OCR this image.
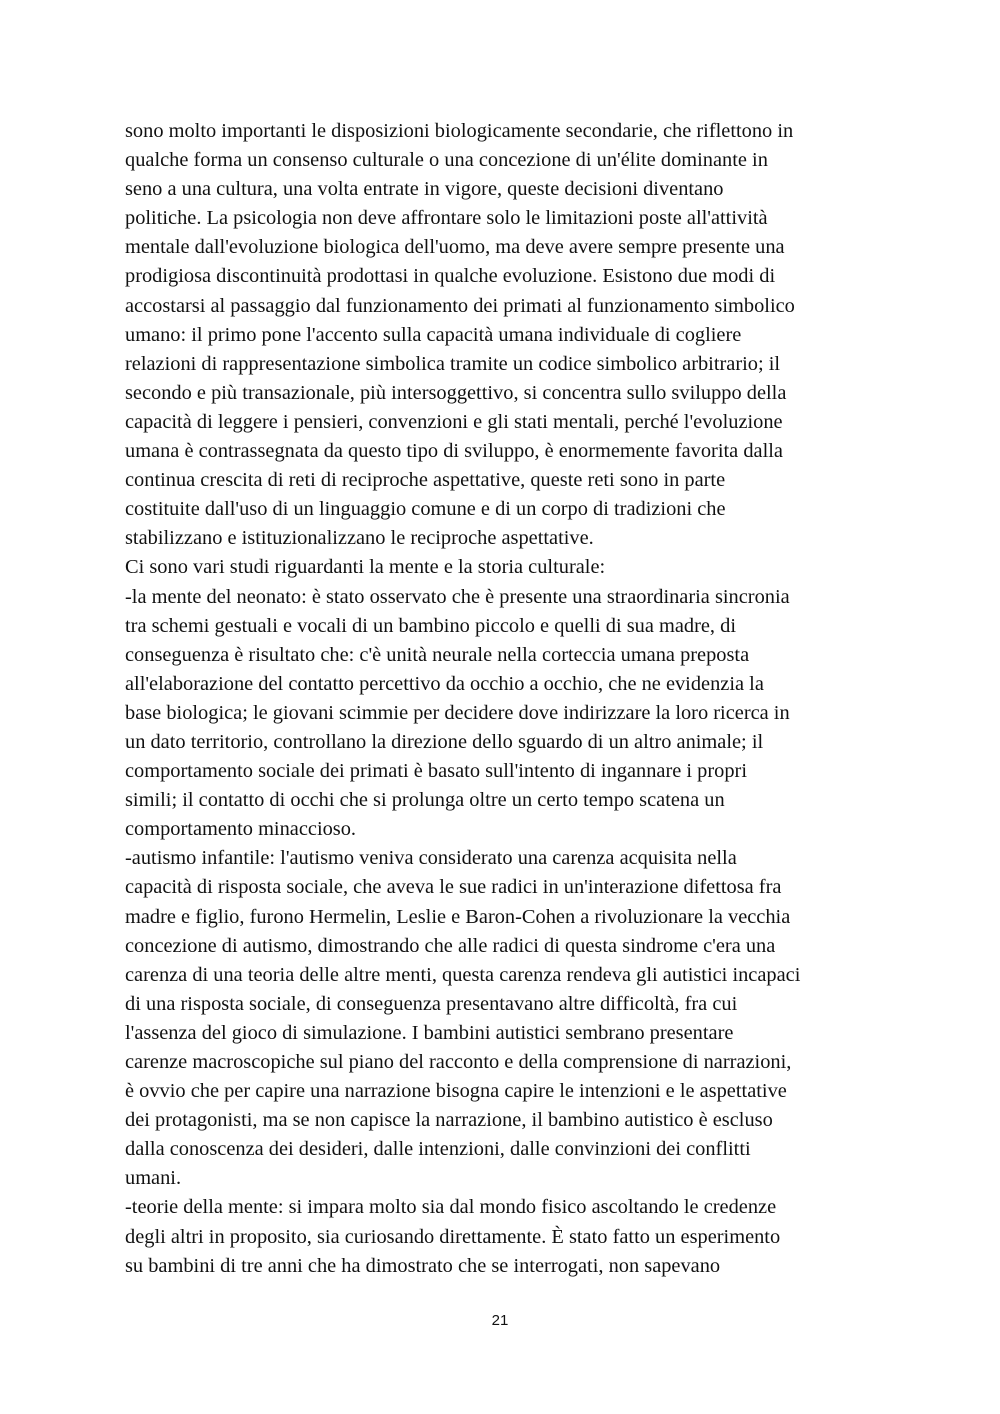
sono molto importanti le disposizioni biologicamente secondarie, che riflettono in
qualche forma un consenso culturale o una concezione di un'élite dominante in
seno a una cultura, una volta entrate in vigore, queste decisioni diventano
politiche. La psicologia non deve affrontare solo le limitazioni poste all'attività
mentale dall'evoluzione biologica dell'uomo, ma deve avere sempre presente una
prodigiosa discontinuità prodottasi in qualche evoluzione. Esistono due modi di
accostarsi al passaggio dal funzionamento dei primati al funzionamento simbolico
umano: il primo pone l'accento sulla capacità umana individuale di cogliere
relazioni di rappresentazione simbolica tramite un codice simbolico arbitrario; il
secondo e più transazionale, più intersoggettivo, si concentra sullo sviluppo della
capacità di leggere i pensieri, convenzioni e gli stati mentali, perché l'evoluzione
umana è contrassegnata da questo tipo di sviluppo, è enormemente favorita dalla
continua crescita di reti di reciproche aspettative, queste reti sono in parte
costituite dall'uso di un linguaggio comune e di un corpo di tradizioni che
stabilizzano e istituzionalizzano le reciproche aspettative.
Ci sono vari studi riguardanti la mente e la storia culturale:
-la mente del neonato: è stato osservato che è presente una straordinaria sincronia
tra schemi gestuali e vocali di un bambino piccolo e quelli di sua madre, di
conseguenza è risultato che: c'è unità neurale nella corteccia umana preposta
all'elaborazione del contatto percettivo da occhio a occhio, che ne evidenzia la
base biologica; le giovani scimmie per decidere dove indirizzare la loro ricerca in
un dato territorio, controllano la direzione dello sguardo di un altro animale; il
comportamento sociale dei primati è basato sull'intento di ingannare i propri
simili; il contatto di occhi che si prolunga oltre un certo tempo scatena un
comportamento minaccioso.
-autismo infantile: l'autismo veniva considerato una carenza acquisita nella
capacità di risposta sociale, che aveva le sue radici in un'interazione difettosa fra
madre e figlio, furono Hermelin, Leslie e Baron-Cohen a rivoluzionare la vecchia
concezione di autismo, dimostrando che alle radici di questa sindrome c'era una
carenza di una teoria delle altre menti, questa carenza rendeva gli autistici incapaci
di una risposta sociale, di conseguenza presentavano altre difficoltà, fra cui
l'assenza del gioco di simulazione. I bambini autistici sembrano presentare
carenze macroscopiche sul piano del racconto e della comprensione di narrazioni,
è ovvio che per capire una narrazione bisogna capire le intenzioni e le aspettative
dei protagonisti, ma se non capisce la narrazione, il bambino autistico è escluso
dalla conoscenza dei desideri, dalle intenzioni, dalle convinzioni dei conflitti
umani.
-teorie della mente: si impara molto sia dal mondo fisico ascoltando le credenze
degli altri in proposito, sia curiosando direttamente. È stato fatto un esperimento
su bambini di tre anni che ha dimostrato che se interrogati, non sapevano
21
